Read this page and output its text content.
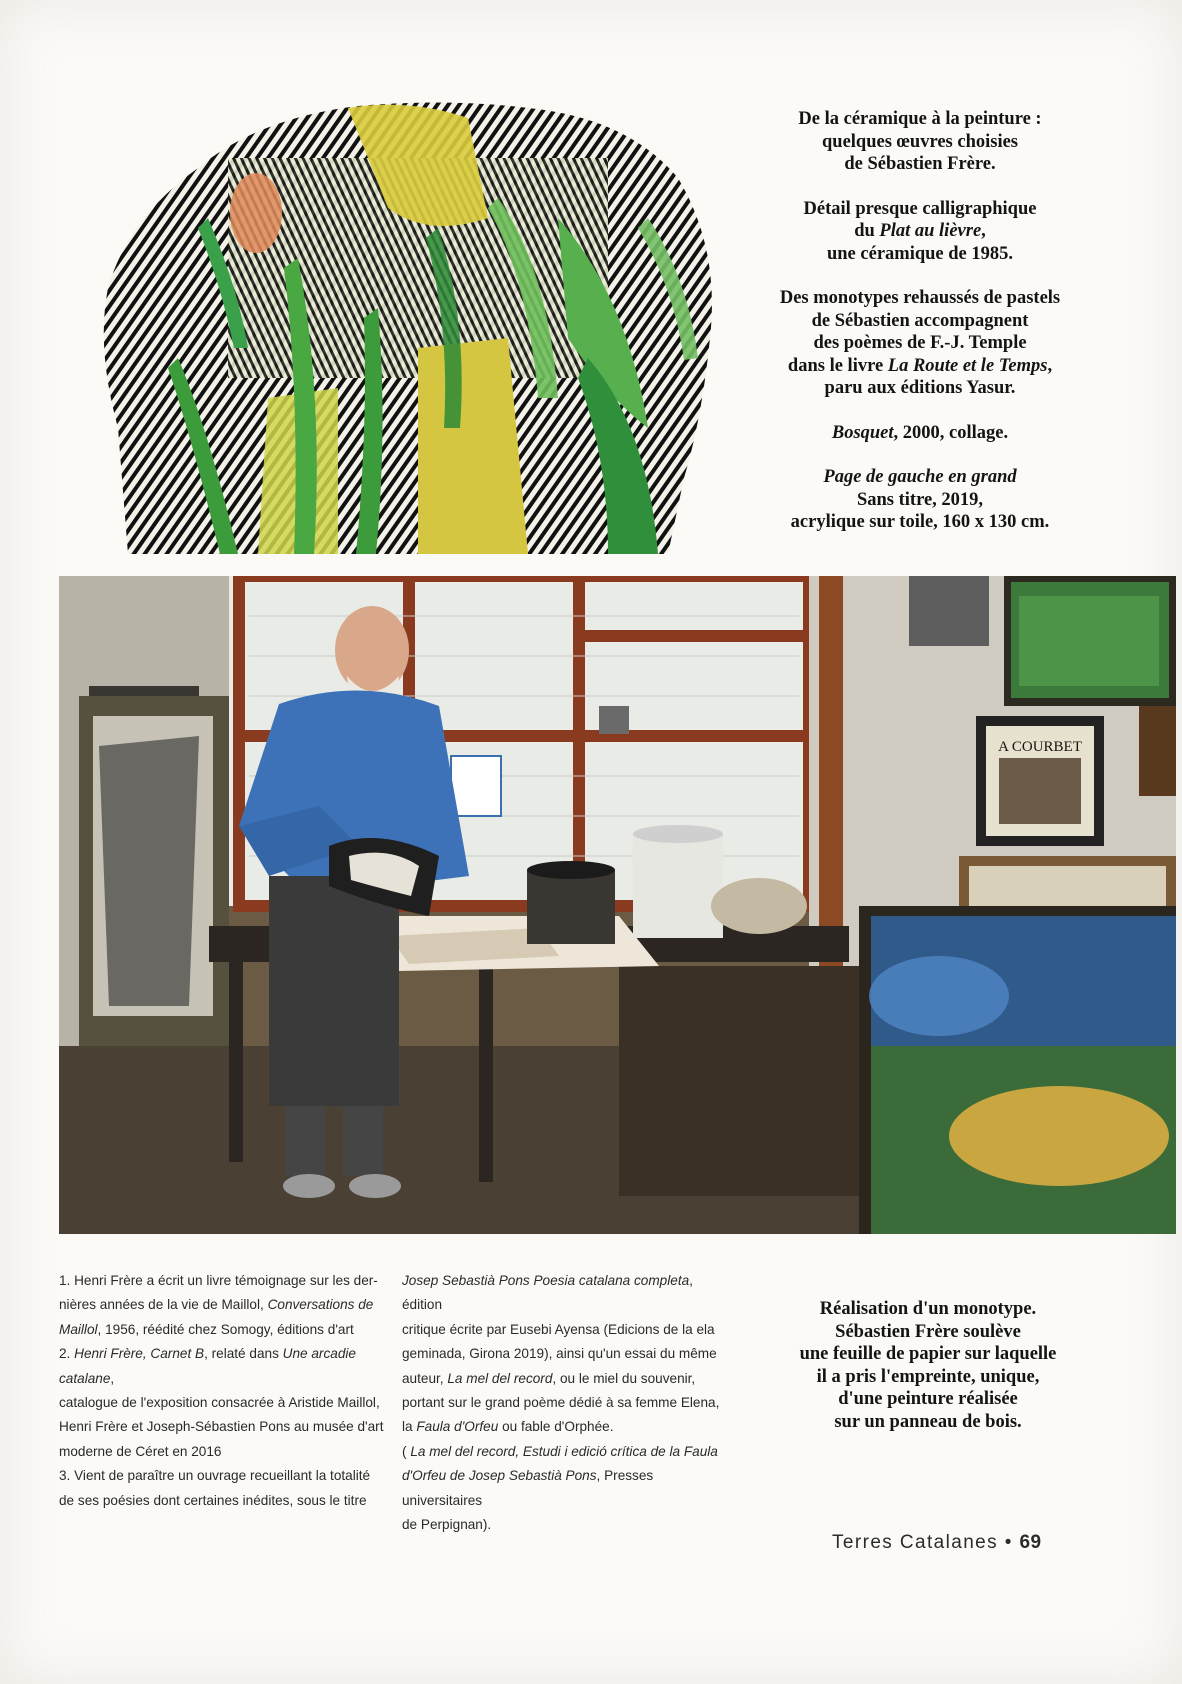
De la céramique à la peinture :
quelques œuvres choisies
de Sébastien Frère.

Détail presque calligraphique
du Plat au lièvre,
une céramique de 1985.

Des monotypes rehaussés de pastels
de Sébastien accompagnent
des poèmes de F.-J. Temple
dans le livre La Route et le Temps,
paru aux éditions Yasur.

Bosquet, 2000, collage.

Page de gauche en grand
Sans titre, 2019,
acrylique sur toile, 160 x 130 cm.

A COURBET

1. Henri Frère a écrit un livre témoignage sur les der-
nières années de la vie de Maillol, Conversations de
Maillol, 1956, réédité chez Somogy, éditions d'art

2. Henri Frère, Carnet B, relaté dans Une arcadie catalane,
catalogue de l'exposition consacrée à Aristide Maillol,
Henri Frère et Joseph-Sébastien Pons au musée d'art
moderne de Céret en 2016

3. Vient de paraître un ouvrage recueillant la totalité
de ses poésies dont certaines inédites, sous le titre

Josep Sebastià Pons Poesia catalana completa, édition
critique écrite par Eusebi Ayensa (Edicions de la ela
geminada, Girona 2019), ainsi qu'un essai du même
auteur, La mel del record, ou le miel du souvenir,
portant sur le grand poème dédié à sa femme Elena,
la Faula d'Orfeu ou fable d'Orphée.
( La mel del record, Estudi i edició crítica de la Faula
d'Orfeu de Josep Sebastià Pons, Presses universitaires
de Perpignan).

Réalisation d'un monotype.
Sébastien Frère soulève
une feuille de papier sur laquelle
il a pris l'empreinte, unique,
d'une peinture réalisée
sur un panneau de bois.
Terres Catalanes • 69
